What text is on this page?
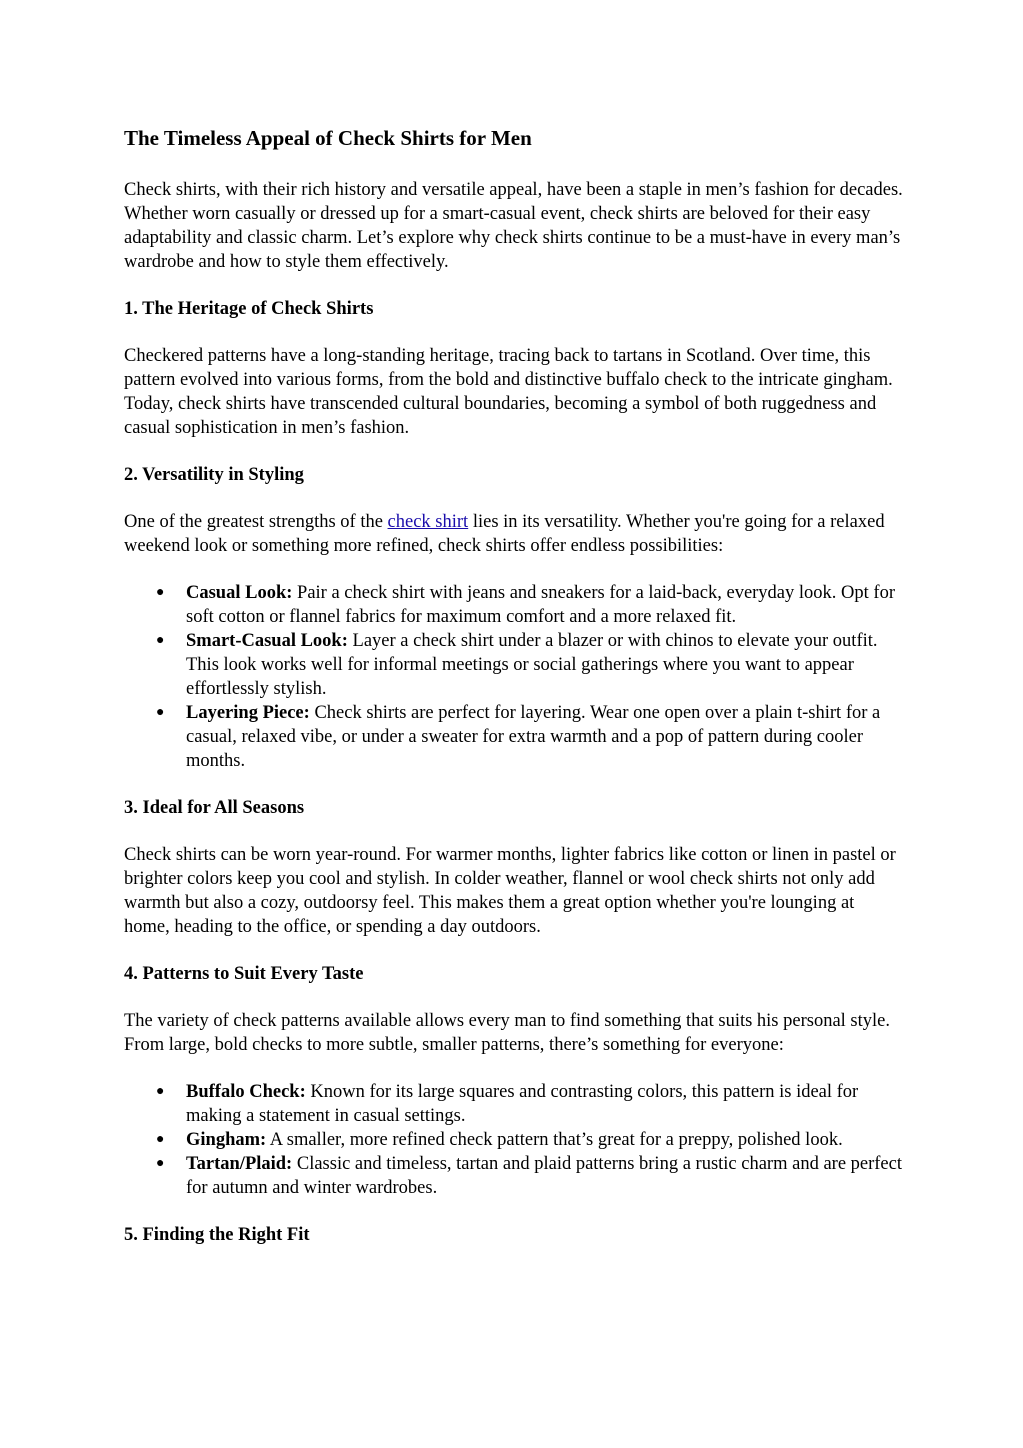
The Timeless Appeal of Check Shirts for Men

Check shirts, with their rich history and versatile appeal, have been a staple in men’s fashion for decades. Whether worn casually or dressed up for a smart-casual event, check shirts are beloved for their easy adaptability and classic charm. Let’s explore why check shirts continue to be a must-have in every man’s wardrobe and how to style them effectively.

1. The Heritage of Check Shirts

Checkered patterns have a long-standing heritage, tracing back to tartans in Scotland. Over time, this pattern evolved into various forms, from the bold and distinctive buffalo check to the intricate gingham. Today, check shirts have transcended cultural boundaries, becoming a symbol of both ruggedness and casual sophistication in men’s fashion.

2. Versatility in Styling

One of the greatest strengths of the check shirt lies in its versatility. Whether you're going for a relaxed weekend look or something more refined, check shirts offer endless possibilities:

● Casual Look: Pair a check shirt with jeans and sneakers for a laid-back, everyday look. Opt for soft cotton or flannel fabrics for maximum comfort and a more relaxed fit.
● Smart-Casual Look: Layer a check shirt under a blazer or with chinos to elevate your outfit. This look works well for informal meetings or social gatherings where you want to appear effortlessly stylish.
● Layering Piece: Check shirts are perfect for layering. Wear one open over a plain t-shirt for a casual, relaxed vibe, or under a sweater for extra warmth and a pop of pattern during cooler months.
3. Ideal for All Seasons

Check shirts can be worn year-round. For warmer months, lighter fabrics like cotton or linen in pastel or brighter colors keep you cool and stylish. In colder weather, flannel or wool check shirts not only add warmth but also a cozy, outdoorsy feel. This makes them a great option whether you're lounging at home, heading to the office, or spending a day outdoors.

4. Patterns to Suit Every Taste

The variety of check patterns available allows every man to find something that suits his personal style. From large, bold checks to more subtle, smaller patterns, there’s something for everyone:

● Buffalo Check: Known for its large squares and contrasting colors, this pattern is ideal for making a statement in casual settings.
● Gingham: A smaller, more refined check pattern that’s great for a preppy, polished look.
● Tartan/Plaid: Classic and timeless, tartan and plaid patterns bring a rustic charm and are perfect for autumn and winter wardrobes.
5. Finding the Right Fit
